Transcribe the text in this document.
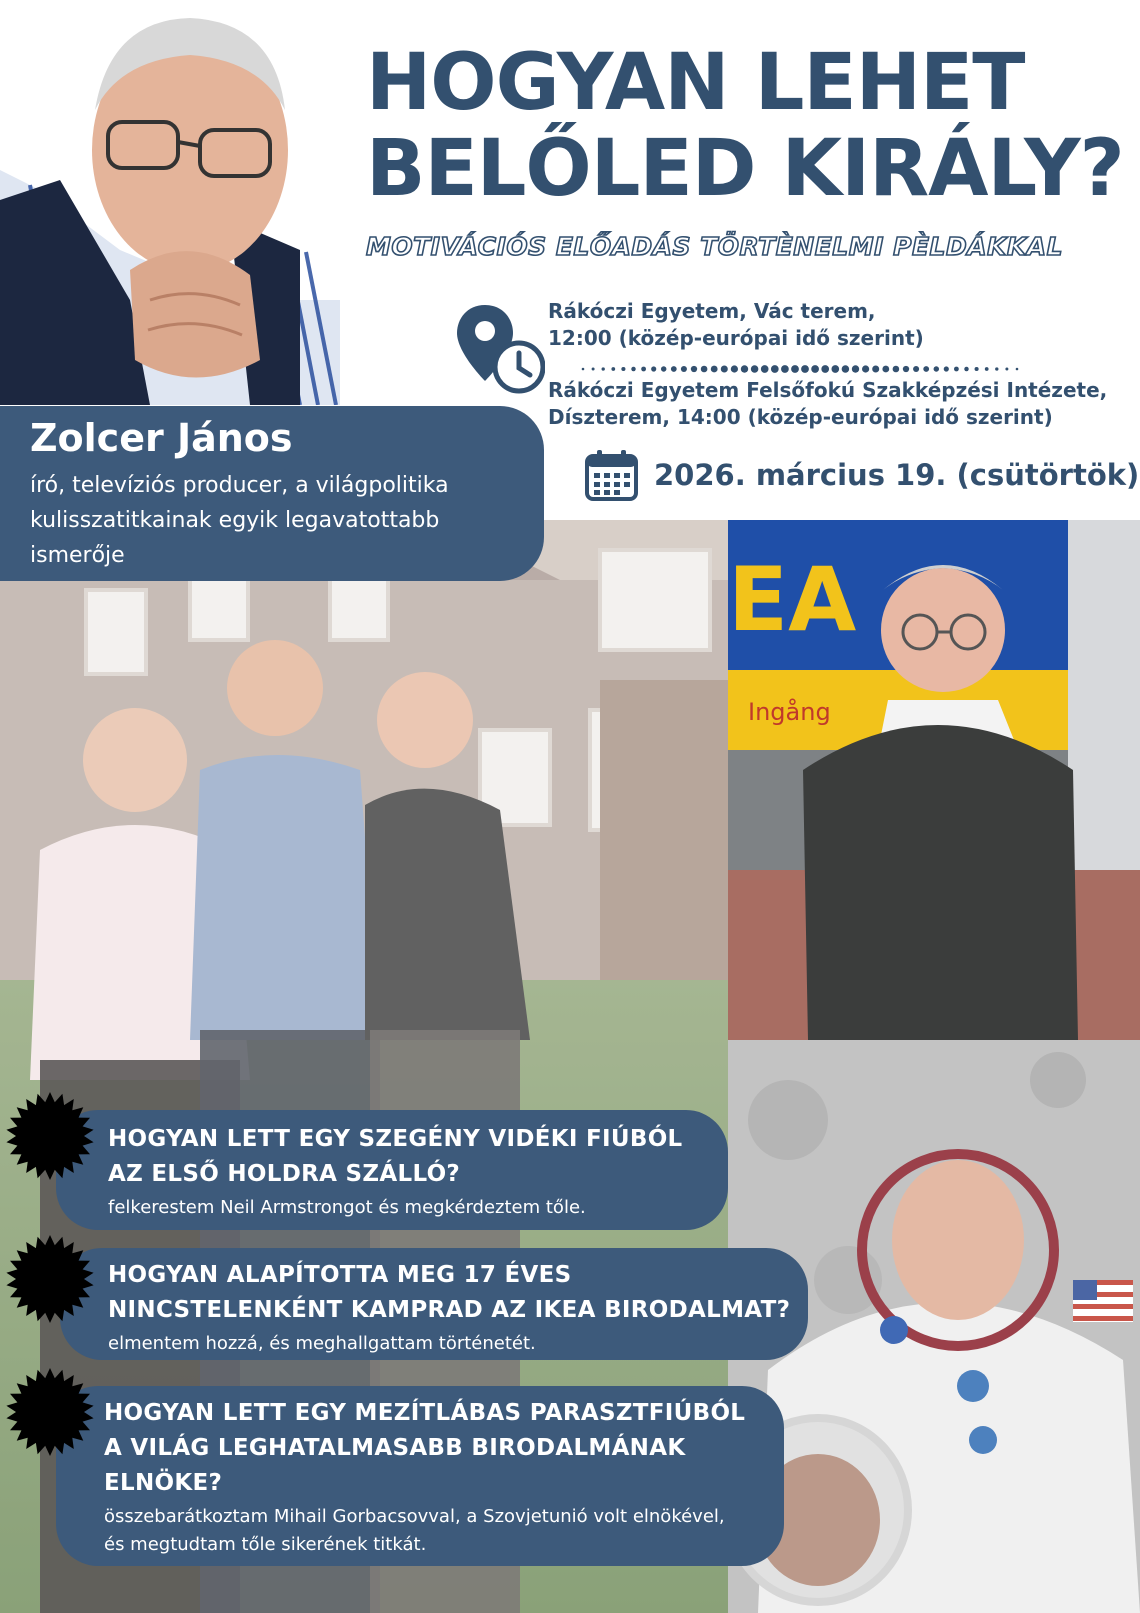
HOGYAN LEHET
BELŐLED KIRÁLY?
MOTIVÁCIÓS ELŐADÁS TÖRTÈNELMI PÈLDÁKKAL
Rákóczi Egyetem, Vác terem,
12:00 (közép-európai idő szerint)
Rákóczi Egyetem Felsőfokú Szakképzési Intézete,
Díszterem, 14:00 (közép-európai idő szerint)
2026. március 19. (csütörtök)
EA
Ingång
Zolcer János
író, televíziós producer, a világpolitika kulisszatitkainak egyik legavatottabb ismerője
HOGYAN LETT EGY SZEGÉNY VIDÉKI FIÚBÓL
AZ ELSŐ HOLDRA SZÁLLÓ?
felkerestem Neil Armstrongot és megkérdeztem tőle.
HOGYAN ALAPÍTOTTA MEG 17 ÉVES
NINCSTELENKÉNT KAMPRAD AZ IKEA BIRODALMAT?
elmentem hozzá, és meghallgattam történetét.
HOGYAN LETT EGY MEZÍTLÁBAS PARASZTFIÚBÓL
A VILÁG LEGHATALMASABB BIRODALMÁNAK
ELNÖKE?
összebarátkoztam Mihail Gorbacsovval, a Szovjetunió volt elnökével,
és megtudtam tőle sikerének titkát.
